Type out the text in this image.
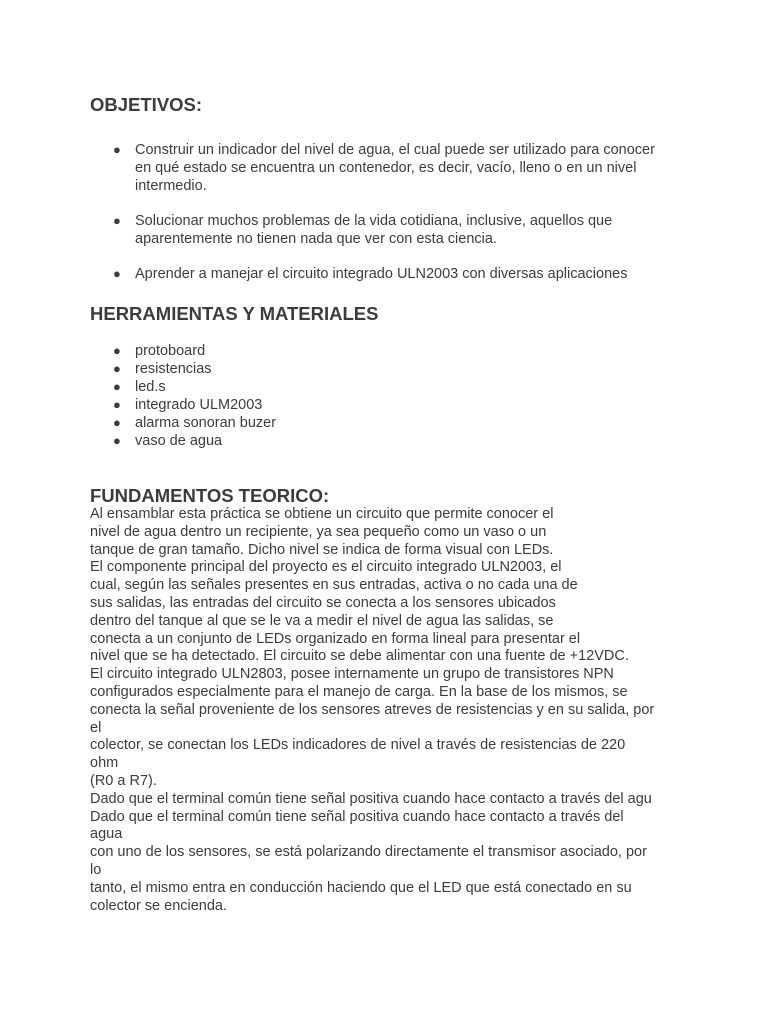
OBJETIVOS:
● Construir un indicador del nivel de agua, el cual puede ser utilizado para conocer
en qué estado se encuentra un contenedor, es decir, vacío, lleno o en un nivel
intermedio.
● Solucionar muchos problemas de la vida cotidiana, inclusive, aquellos que
aparentemente no tienen nada que ver con esta ciencia.
● Aprender a manejar el circuito integrado ULN2003 con diversas aplicaciones
HERRAMIENTAS Y MATERIALES
● protoboard
● resistencias
● led.s
● integrado ULM2003
● alarma sonoran buzer
● vaso de agua
FUNDAMENTOS TEORICO:
Al ensamblar esta práctica se obtiene un circuito que permite conocer el
nivel de agua dentro un recipiente, ya sea pequeño como un vaso o un
tanque de gran tamaño. Dicho nivel se indica de forma visual con LEDs.
El componente principal del proyecto es el circuito integrado ULN2003, el
cual, según las señales presentes en sus entradas, activa o no cada una de
sus salidas, las entradas del circuito se conecta a los sensores ubicados
dentro del tanque al que se le va a medir el nivel de agua las salidas, se
conecta a un conjunto de LEDs organizado en forma lineal para presentar el
nivel que se ha detectado. El circuito se debe alimentar con una fuente de +12VDC.
El circuito integrado ULN2803, posee internamente un grupo de transistores NPN
configurados especialmente para el manejo de carga. En la base de los mismos, se
conecta la señal proveniente de los sensores atreves de resistencias y en su salida, por
el
colector, se conectan los LEDs indicadores de nivel a través de resistencias de 220
ohm
(R0 a R7).
Dado que el terminal común tiene señal positiva cuando hace contacto a través del agu
Dado que el terminal común tiene señal positiva cuando hace contacto a través del
agua
con uno de los sensores, se está polarizando directamente el transmisor asociado, por
lo
tanto, el mismo entra en conducción haciendo que el LED que está conectado en su
colector se encienda.
